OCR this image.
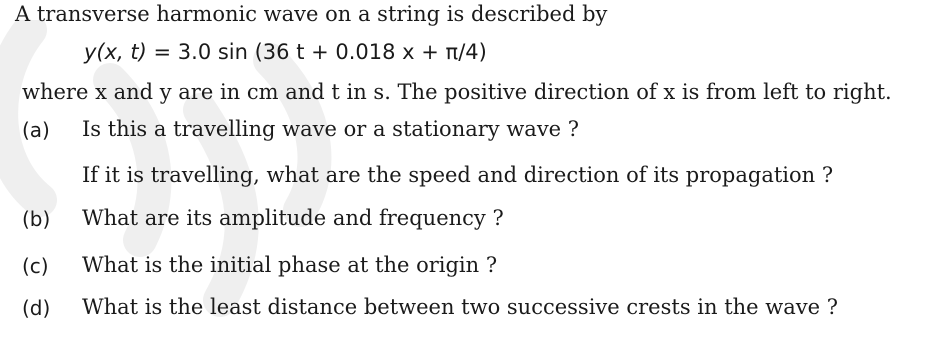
A transverse harmonic wave on a string is described by
y(x, t) = 3.0 sin (36 t + 0.018 x + π/4)
where x and y are in cm and t in s. The positive direction of x is from left to right.
(a) Is this a travelling wave or a stationary wave ?
If it is travelling, what are the speed and direction of its propagation ?
(b) What are its amplitude and frequency ?
(c) What is the initial phase at the origin ?
(d) What is the least distance between two successive crests in the wave ?
